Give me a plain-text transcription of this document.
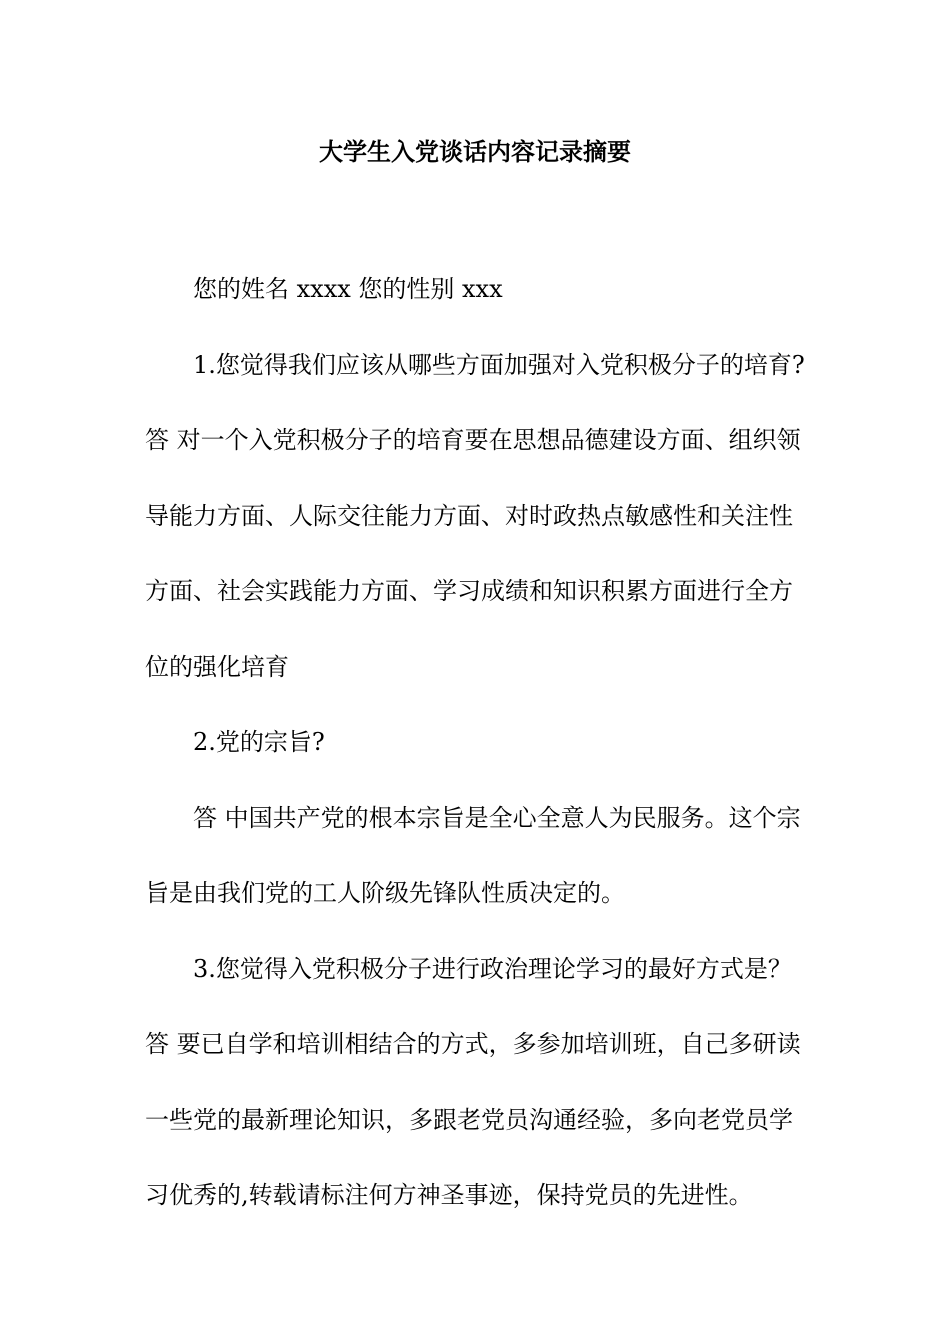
大学生入党谈话内容记录摘要

您的姓名 xxxx 您的性别 xxx

1.您觉得我们应该从哪些方面加强对入党积极分子的培育?

答 对一个入党积极分子的培育要在思想品德建设方面、组织领导能力方面、人际交往能力方面、对时政热点敏感性和关注性方面、社会实践能力方面、学习成绩和知识积累方面进行全方位的强化培育

2.党的宗旨?

答 中国共产党的根本宗旨是全心全意人为民服务。这个宗旨是由我们党的工人阶级先锋队性质决定的。

3.您觉得入党积极分子进行政治理论学习的最好方式是？

答 要已自学和培训相结合的方式，多参加培训班，自己多研读一些党的最新理论知识，多跟老党员沟通经验，多向老党员学习优秀的,转载请标注何方神圣事迹，保持党员的先进性。
